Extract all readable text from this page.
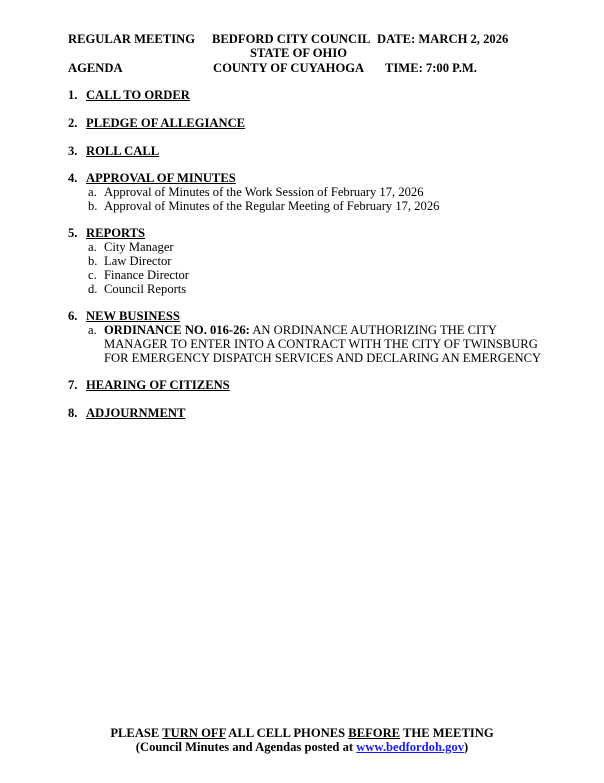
REGULAR MEETING
AGENDA
BEDFORD CITY COUNCIL
STATE OF OHIO
COUNTY OF CUYAHOGA
DATE: MARCH 2, 2026
TIME: 7:00 P.M.
1. CALL TO ORDER
2. PLEDGE OF ALLEGIANCE
3. ROLL CALL
4. APPROVAL OF MINUTES
a. Approval of Minutes of the Work Session of February 17, 2026
b. Approval of Minutes of the Regular Meeting of February 17, 2026
5. REPORTS
a. City Manager
b. Law Director
c. Finance Director
d. Council Reports
6. NEW BUSINESS
a. ORDINANCE NO. 016-26: AN ORDINANCE AUTHORIZING THE CITY
MANAGER TO ENTER INTO A CONTRACT WITH THE CITY OF TWINSBURG
FOR EMERGENCY DISPATCH SERVICES AND DECLARING AN EMERGENCY
7. HEARING OF CITIZENS
8. ADJOURNMENT
PLEASE TURN OFF ALL CELL PHONES BEFORE THE MEETING
(Council Minutes and Agendas posted at www.bedfordoh.gov)
